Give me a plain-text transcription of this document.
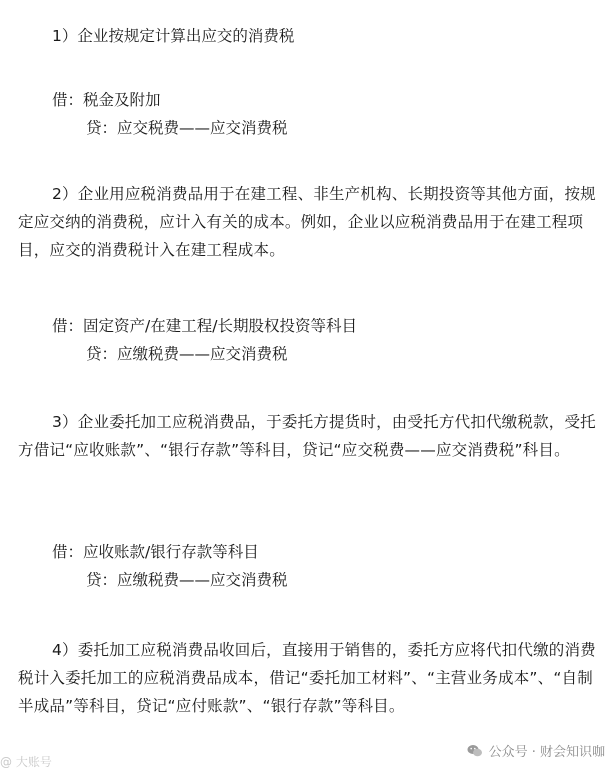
1）企业按规定计算出应交的消费税
借：税金及附加
贷：应交税费——应交消费税
2）企业用应税消费品用于在建工程、非生产机构、长期投资等其他方面，按规定应交纳的消费税，应计入有关的成本。例如，企业以应税消费品用于在建工程项目，应交的消费税计入在建工程成本。
借：固定资产/在建工程/长期股权投资等科目
贷：应缴税费——应交消费税
3）企业委托加工应税消费品，于委托方提货时，由受托方代扣代缴税款，受托方借记“应收账款”、“银行存款”等科目，贷记“应交税费——应交消费税”科目。
借：应收账款/银行存款等科目
贷：应缴税费——应交消费税
4）委托加工应税消费品收回后，直接用于销售的，委托方应将代扣代缴的消费税计入委托加工的应税消费品成本，借记“委托加工材料”、“主营业务成本”、“自制半成品”等科目，贷记“应付账款”、“银行存款”等科目。
@ 大账号
公众号 · 财会知识咖
